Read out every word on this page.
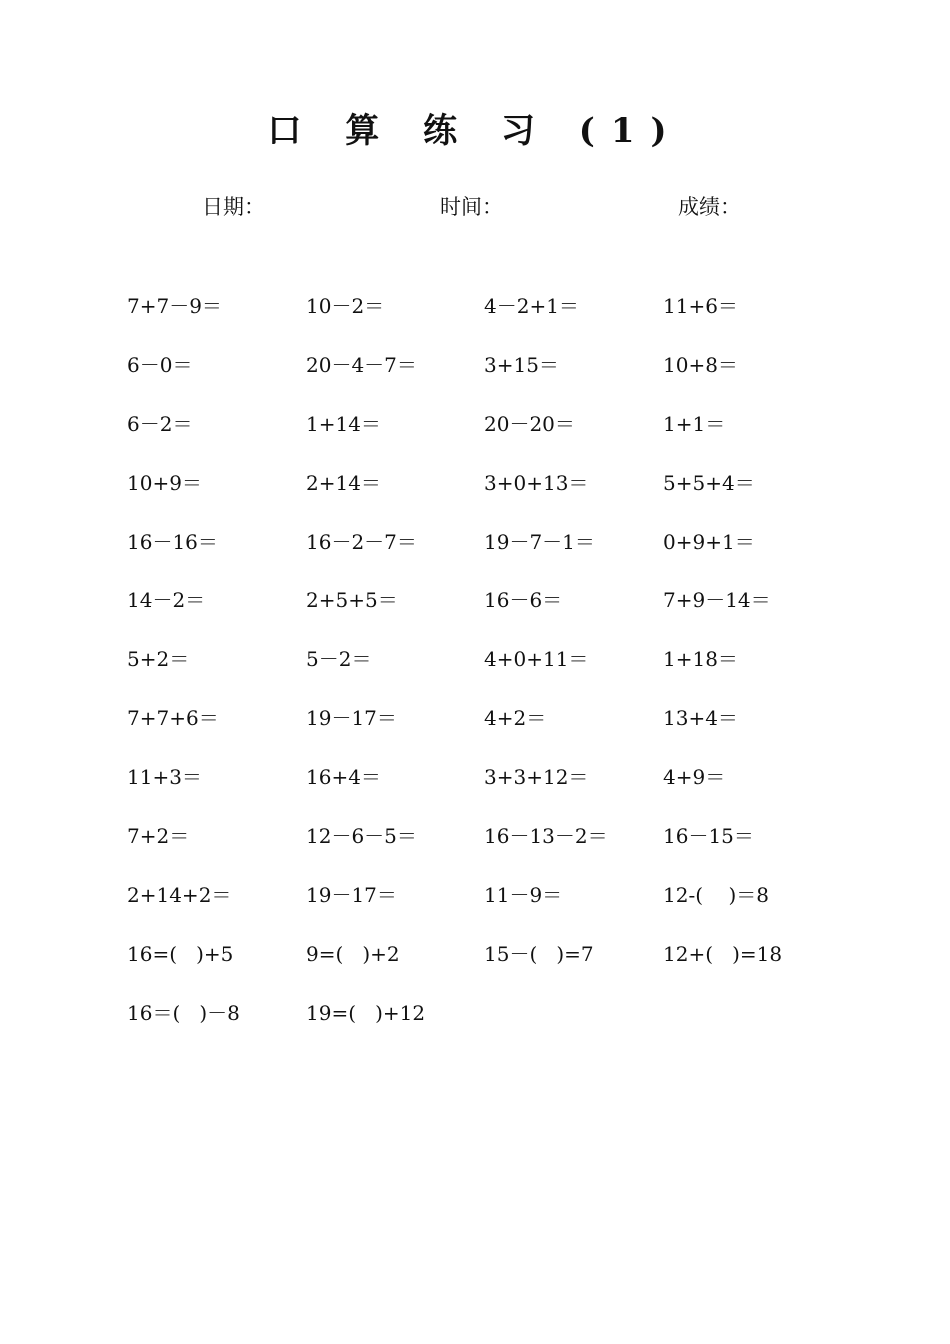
口 算 练 习 (1)
日期：	时间：	成绩：
7+7－9＝	10－2＝	4－2+1＝	11+6＝
6－0＝	20－4－7＝	3+15＝	10+8＝
6－2＝	1+14＝	20－20＝	1+1＝
10+9＝	2+14＝	3+0+13＝	5+5+4＝
16－16＝	16－2－7＝	19－7－1＝	0+9+1＝
14－2＝	2+5+5＝	16－6＝	7+9－14＝
5+2＝	5－2＝	4+0+11＝	1+18＝
7+7+6＝	19－17＝	4+2＝	13+4＝
11+3＝	16+4＝	3+3+12＝	4+9＝
7+2＝	12－6－5＝	16－13－2＝	16－15＝
2+14+2＝	19－17＝	11－9＝	12-(    )＝8
16=(   )+5	9=(   )+2	15－(   )=7	12+(   )=18
16＝(   )－8	19=(   )+12
